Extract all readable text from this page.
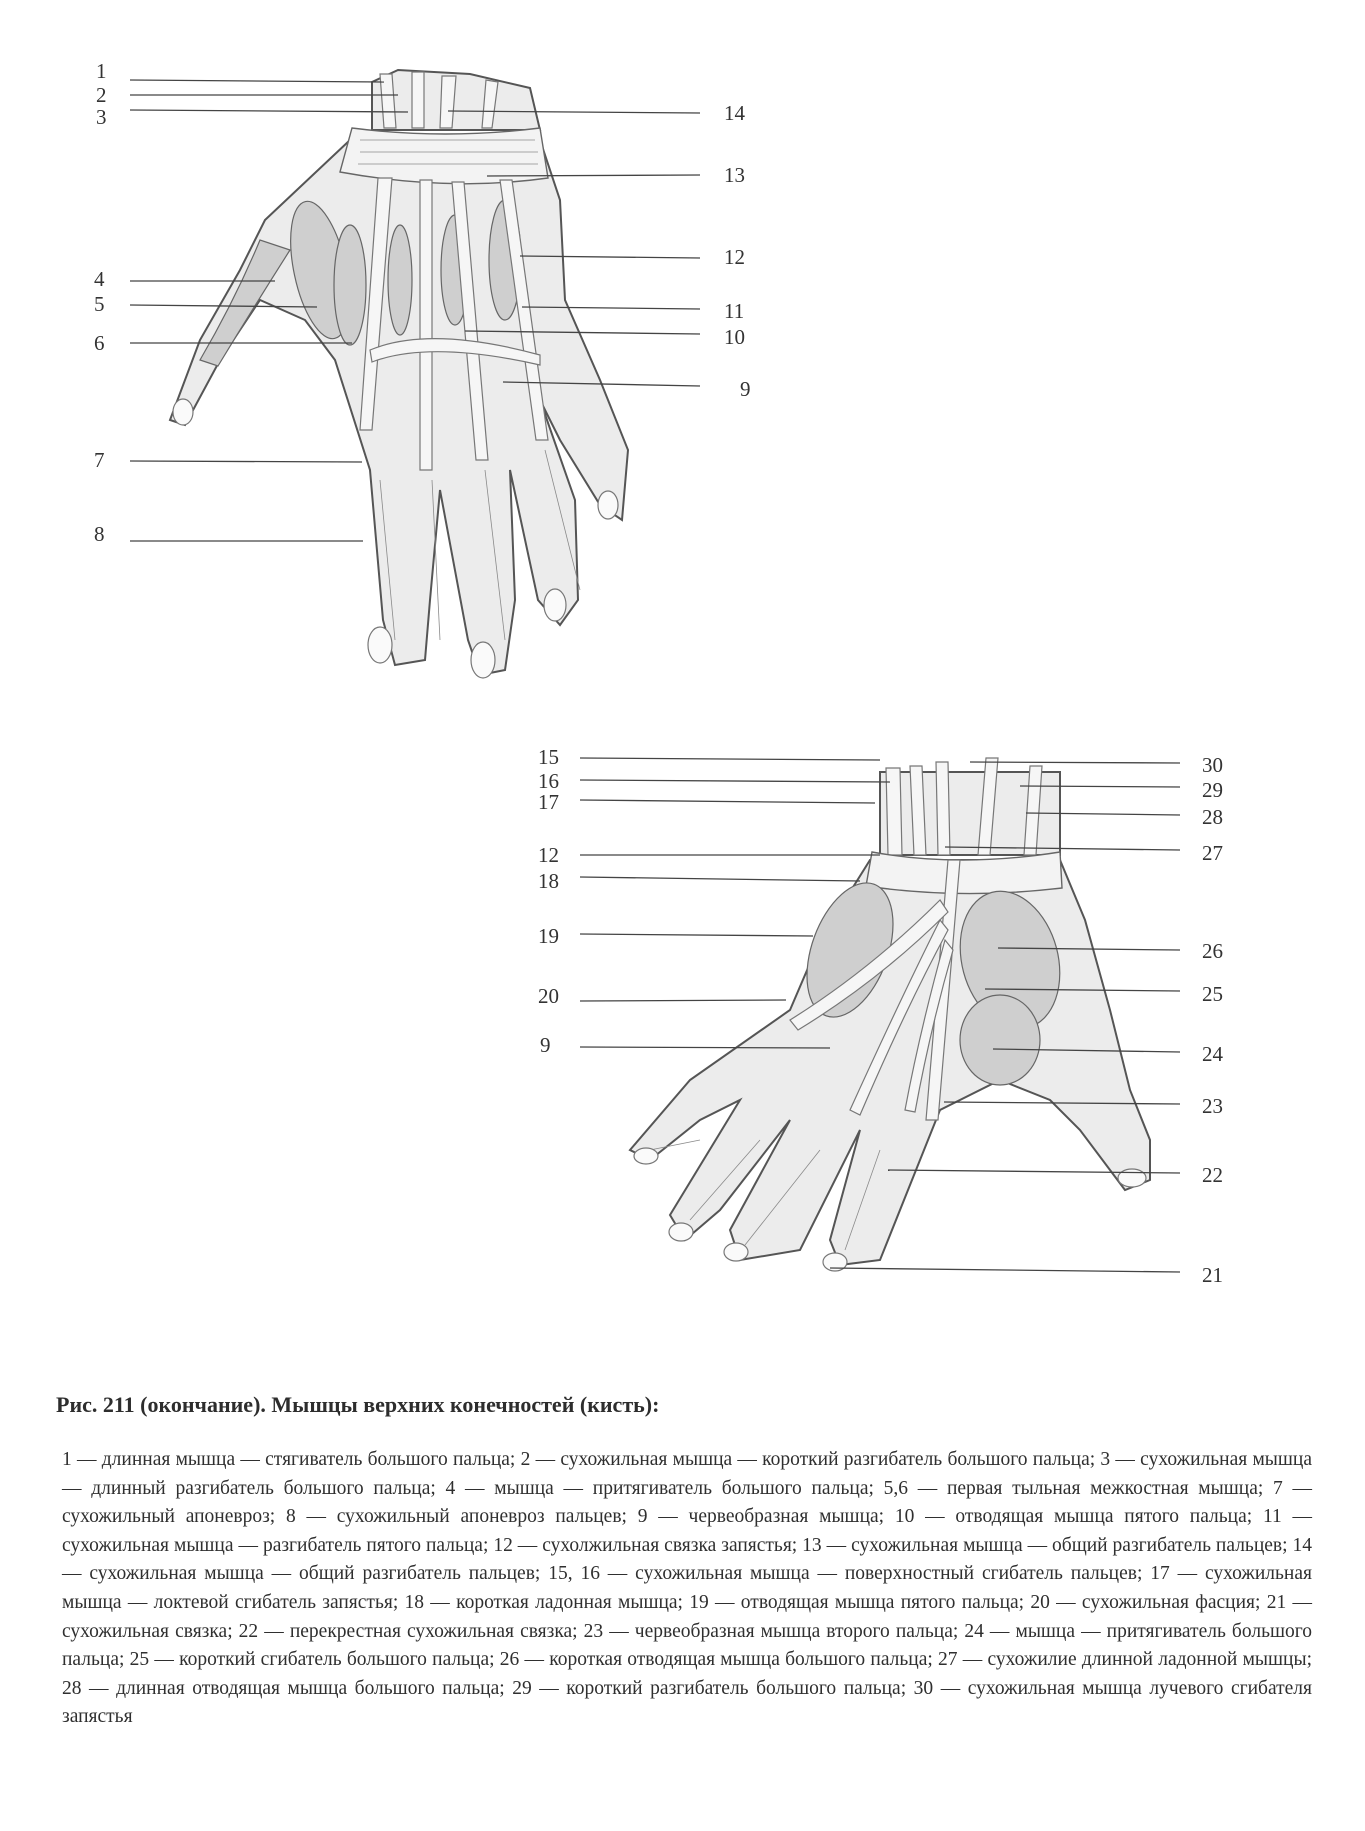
1
2
3
4
5
6
7
8
14
13
12
11
10
9
15
16
17
12
18
19
20
9
30
29
28
27
26
25
24
23
22
21

Рис. 211 (окончание). Мышцы верхних конечностей (кисть):

1 — длинная мышца — стягиватель большого пальца; 2 — сухожильная мышца — короткий разгибатель большого пальца; 3 — сухожильная мышца — длинный разгибатель большого пальца; 4 — мышца — притягиватель большого пальца; 5,6 — первая тыльная межкостная мышца; 7 — сухожильный апоневроз; 8 — сухожильный апоневроз пальцев; 9 — червеобразная мышца; 10 — отводящая мышца пятого пальца; 11 — сухожильная мышца — разгибатель пятого пальца; 12 — сухолжильная связка запястья; 13 — сухожильная мышца — общий разгибатель пальцев; 14 — сухожильная мышца — общий разгибатель пальцев; 15, 16 — сухожильная мышца — поверхностный сгибатель пальцев; 17 — сухожильная мышца — локтевой сгибатель запястья; 18 — короткая ладонная мышца; 19 — отводящая мышца пятого пальца; 20 — сухожильная фасция; 21 — сухожильная связка; 22 — перекрестная сухожильная связка; 23 — червеобразная мышца второго пальца; 24 — мышца — притягиватель большого пальца; 25 — короткий сгибатель большого пальца; 26 — короткая отводящая мышца большого пальца; 27 — сухожилие длинной ладонной мышцы; 28 — длинная отводящая мышца большого пальца; 29 — короткий разгибатель большого пальца; 30 — сухожильная мышца лучевого сгибателя запястья
